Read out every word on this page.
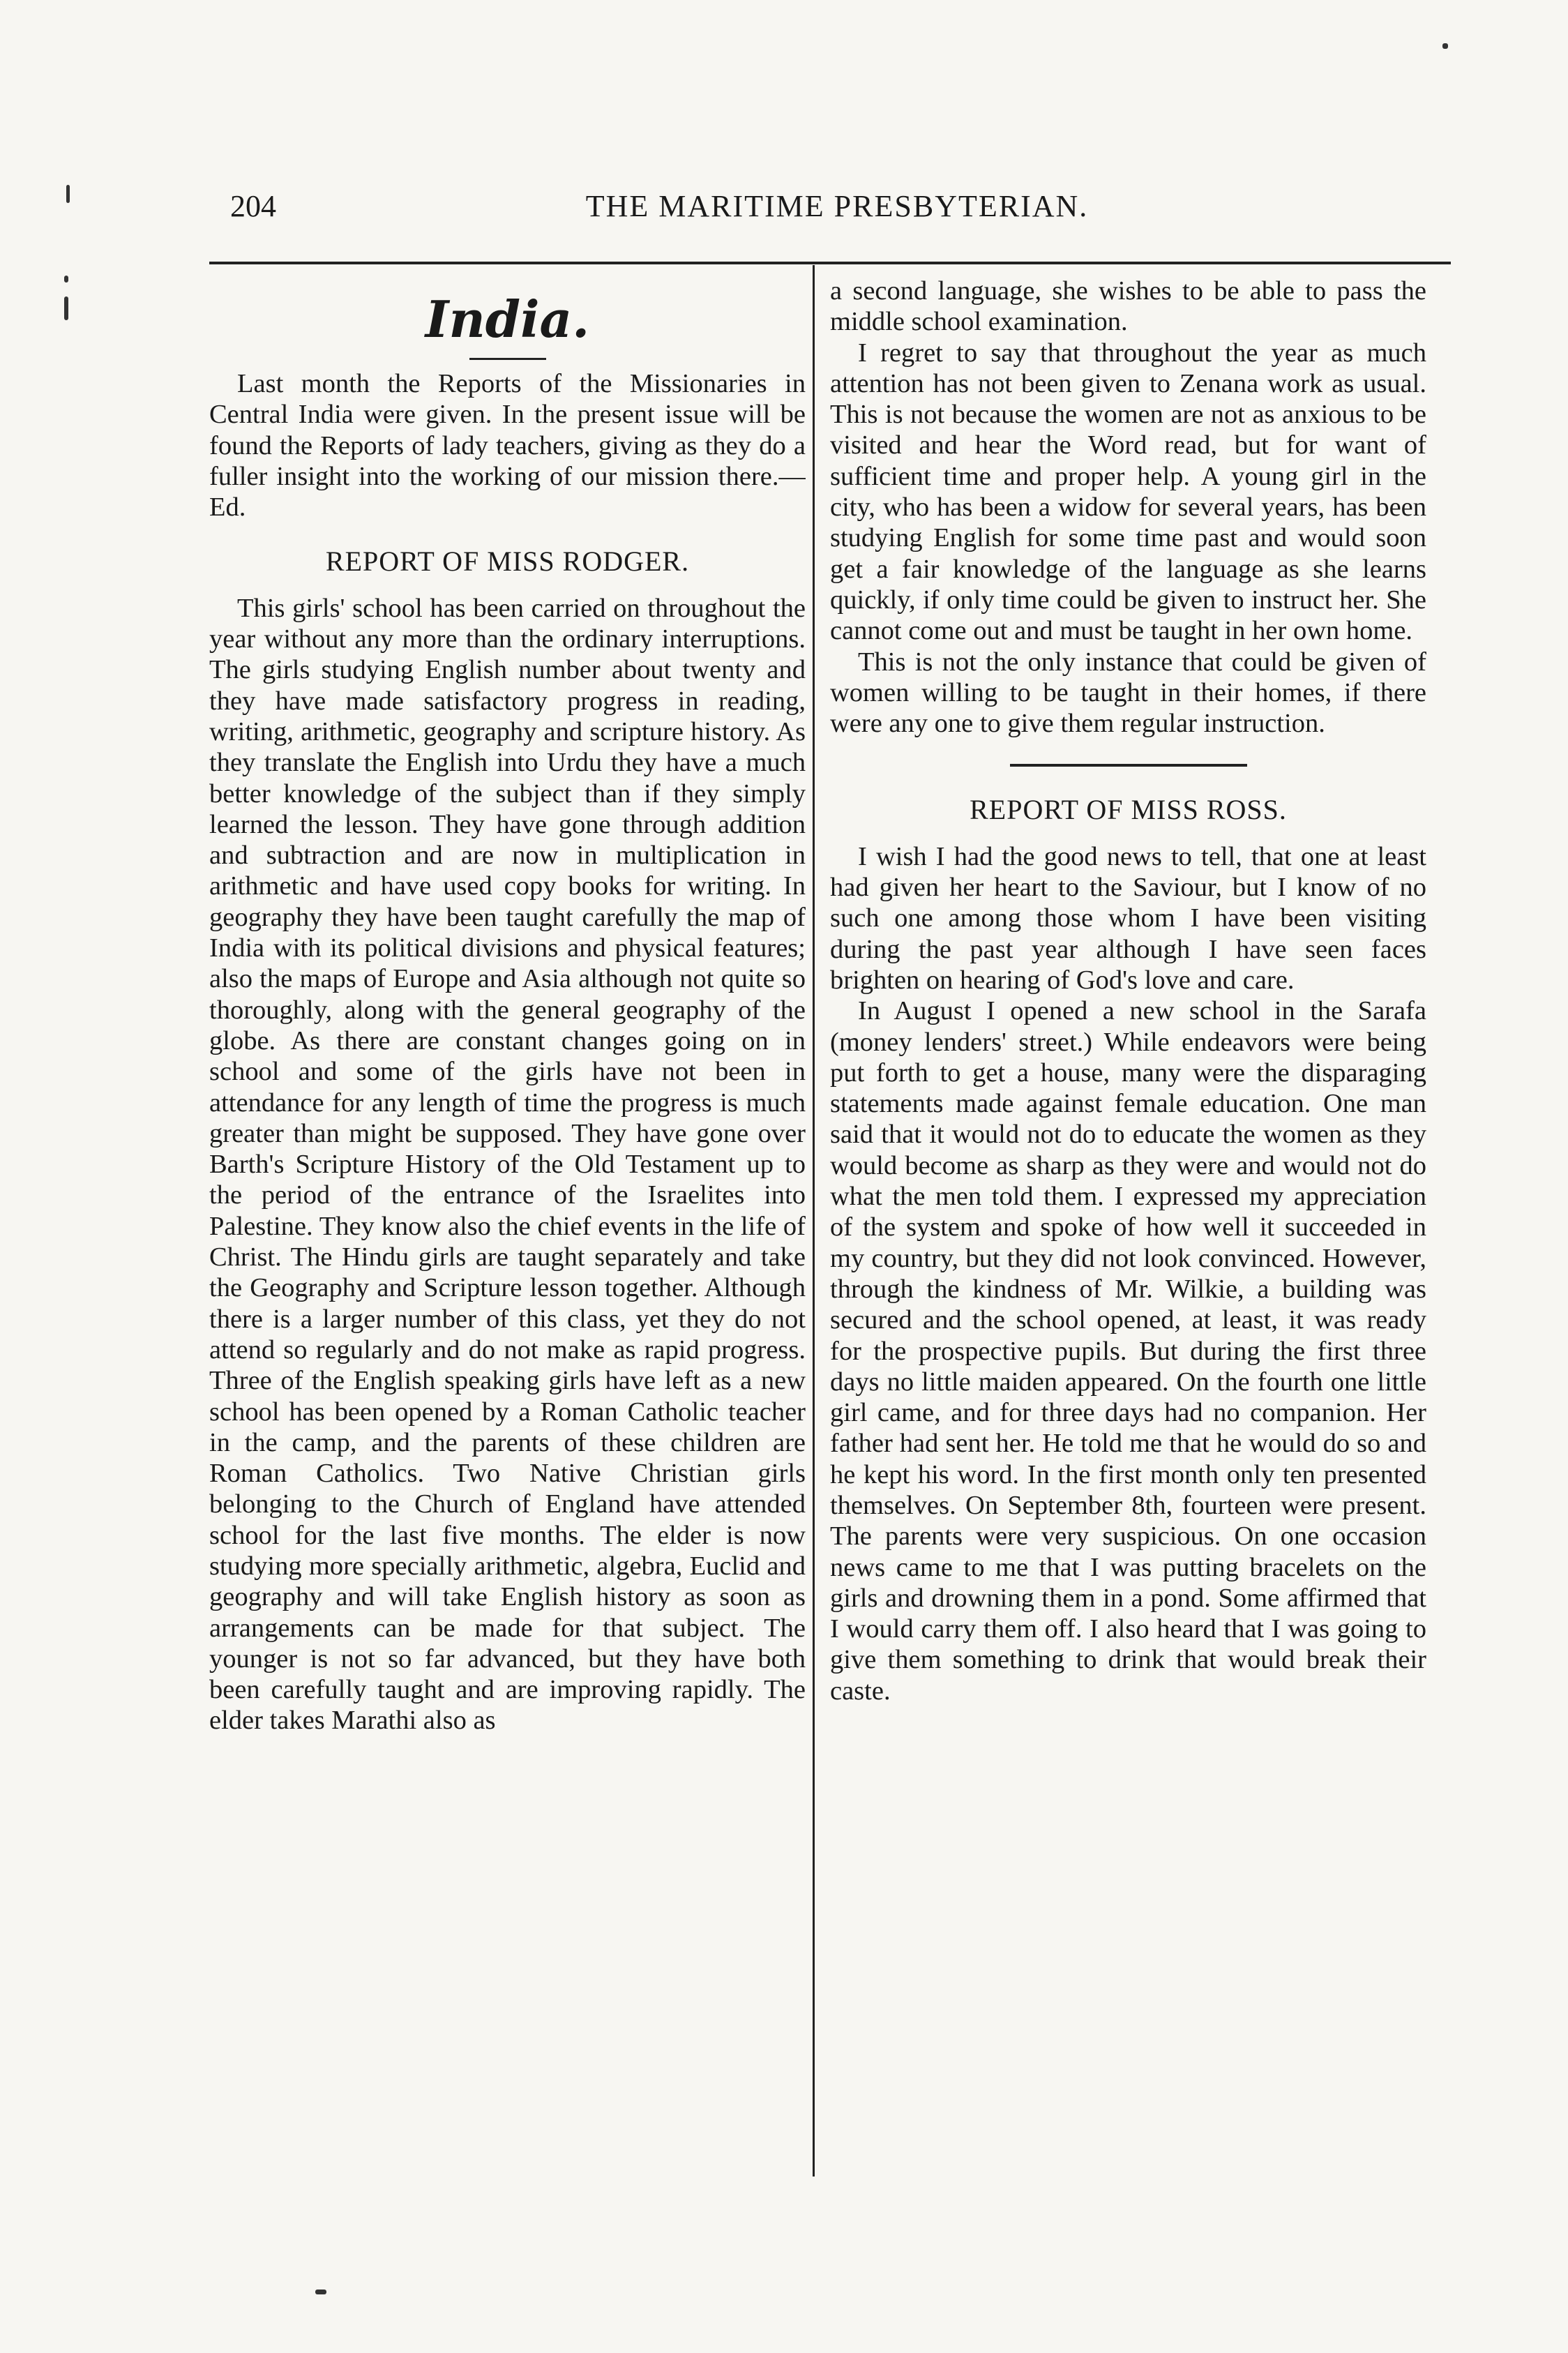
204	THE MARITIME PRESBYTERIAN.
India.

Last month the Reports of the Missionaries in Central India were given. In the present issue will be found the Reports of lady teachers, giving as they do a fuller insight into the working of our mission there.—Ed.

REPORT OF MISS RODGER.

This girls' school has been carried on throughout the year without any more than the ordinary interruptions. The girls studying English number about twenty and they have made satisfactory progress in reading, writing, arithmetic, geography and scripture history. As they translate the English into Urdu they have a much better knowledge of the subject than if they simply learned the lesson. They have gone through addition and subtraction and are now in multiplication in arithmetic and have used copy books for writing. In geography they have been taught carefully the map of India with its political divisions and physical features; also the maps of Europe and Asia although not quite so thoroughly, along with the general geography of the globe. As there are constant changes going on in school and some of the girls have not been in attendance for any length of time the progress is much greater than might be supposed. They have gone over Barth's Scripture History of the Old Testament up to the period of the entrance of the Israelites into Palestine. They know also the chief events in the life of Christ. The Hindu girls are taught separately and take the Geography and Scripture lesson together. Although there is a larger number of this class, yet they do not attend so regularly and do not make as rapid progress. Three of the English speaking girls have left as a new school has been opened by a Roman Catholic teacher in the camp, and the parents of these children are Roman Catholics. Two Native Christian girls belonging to the Church of England have attended school for the last five months. The elder is now studying more specially arithmetic, algebra, Euclid and geography and will take English history as soon as arrangements can be made for that subject. The younger is not so far advanced, but they have both been carefully taught and are improving rapidly. The elder takes Marathi also as

a second language, she wishes to be able to pass the middle school examination.

I regret to say that throughout the year as much attention has not been given to Zenana work as usual. This is not because the women are not as anxious to be visited and hear the Word read, but for want of sufficient time and proper help. A young girl in the city, who has been a widow for several years, has been studying English for some time past and would soon get a fair knowledge of the language as she learns quickly, if only time could be given to instruct her. She cannot come out and must be taught in her own home.

This is not the only instance that could be given of women willing to be taught in their homes, if there were any one to give them regular instruction.

REPORT OF MISS ROSS.

I wish I had the good news to tell, that one at least had given her heart to the Saviour, but I know of no such one among those whom I have been visiting during the past year although I have seen faces brighten on hearing of God's love and care.

In August I opened a new school in the Sarafa (money lenders' street.) While endeavors were being put forth to get a house, many were the disparaging statements made against female education. One man said that it would not do to educate the women as they would become as sharp as they were and would not do what the men told them. I expressed my appreciation of the system and spoke of how well it succeeded in my country, but they did not look convinced. However, through the kindness of Mr. Wilkie, a building was secured and the school opened, at least, it was ready for the prospective pupils. But during the first three days no little maiden appeared. On the fourth one little girl came, and for three days had no companion. Her father had sent her. He told me that he would do so and he kept his word. In the first month only ten presented themselves. On September 8th, fourteen were present. The parents were very suspicious. On one occasion news came to me that I was putting bracelets on the girls and drowning them in a pond. Some affirmed that I would carry them off. I also heard that I was going to give them something to drink that would break their caste.
